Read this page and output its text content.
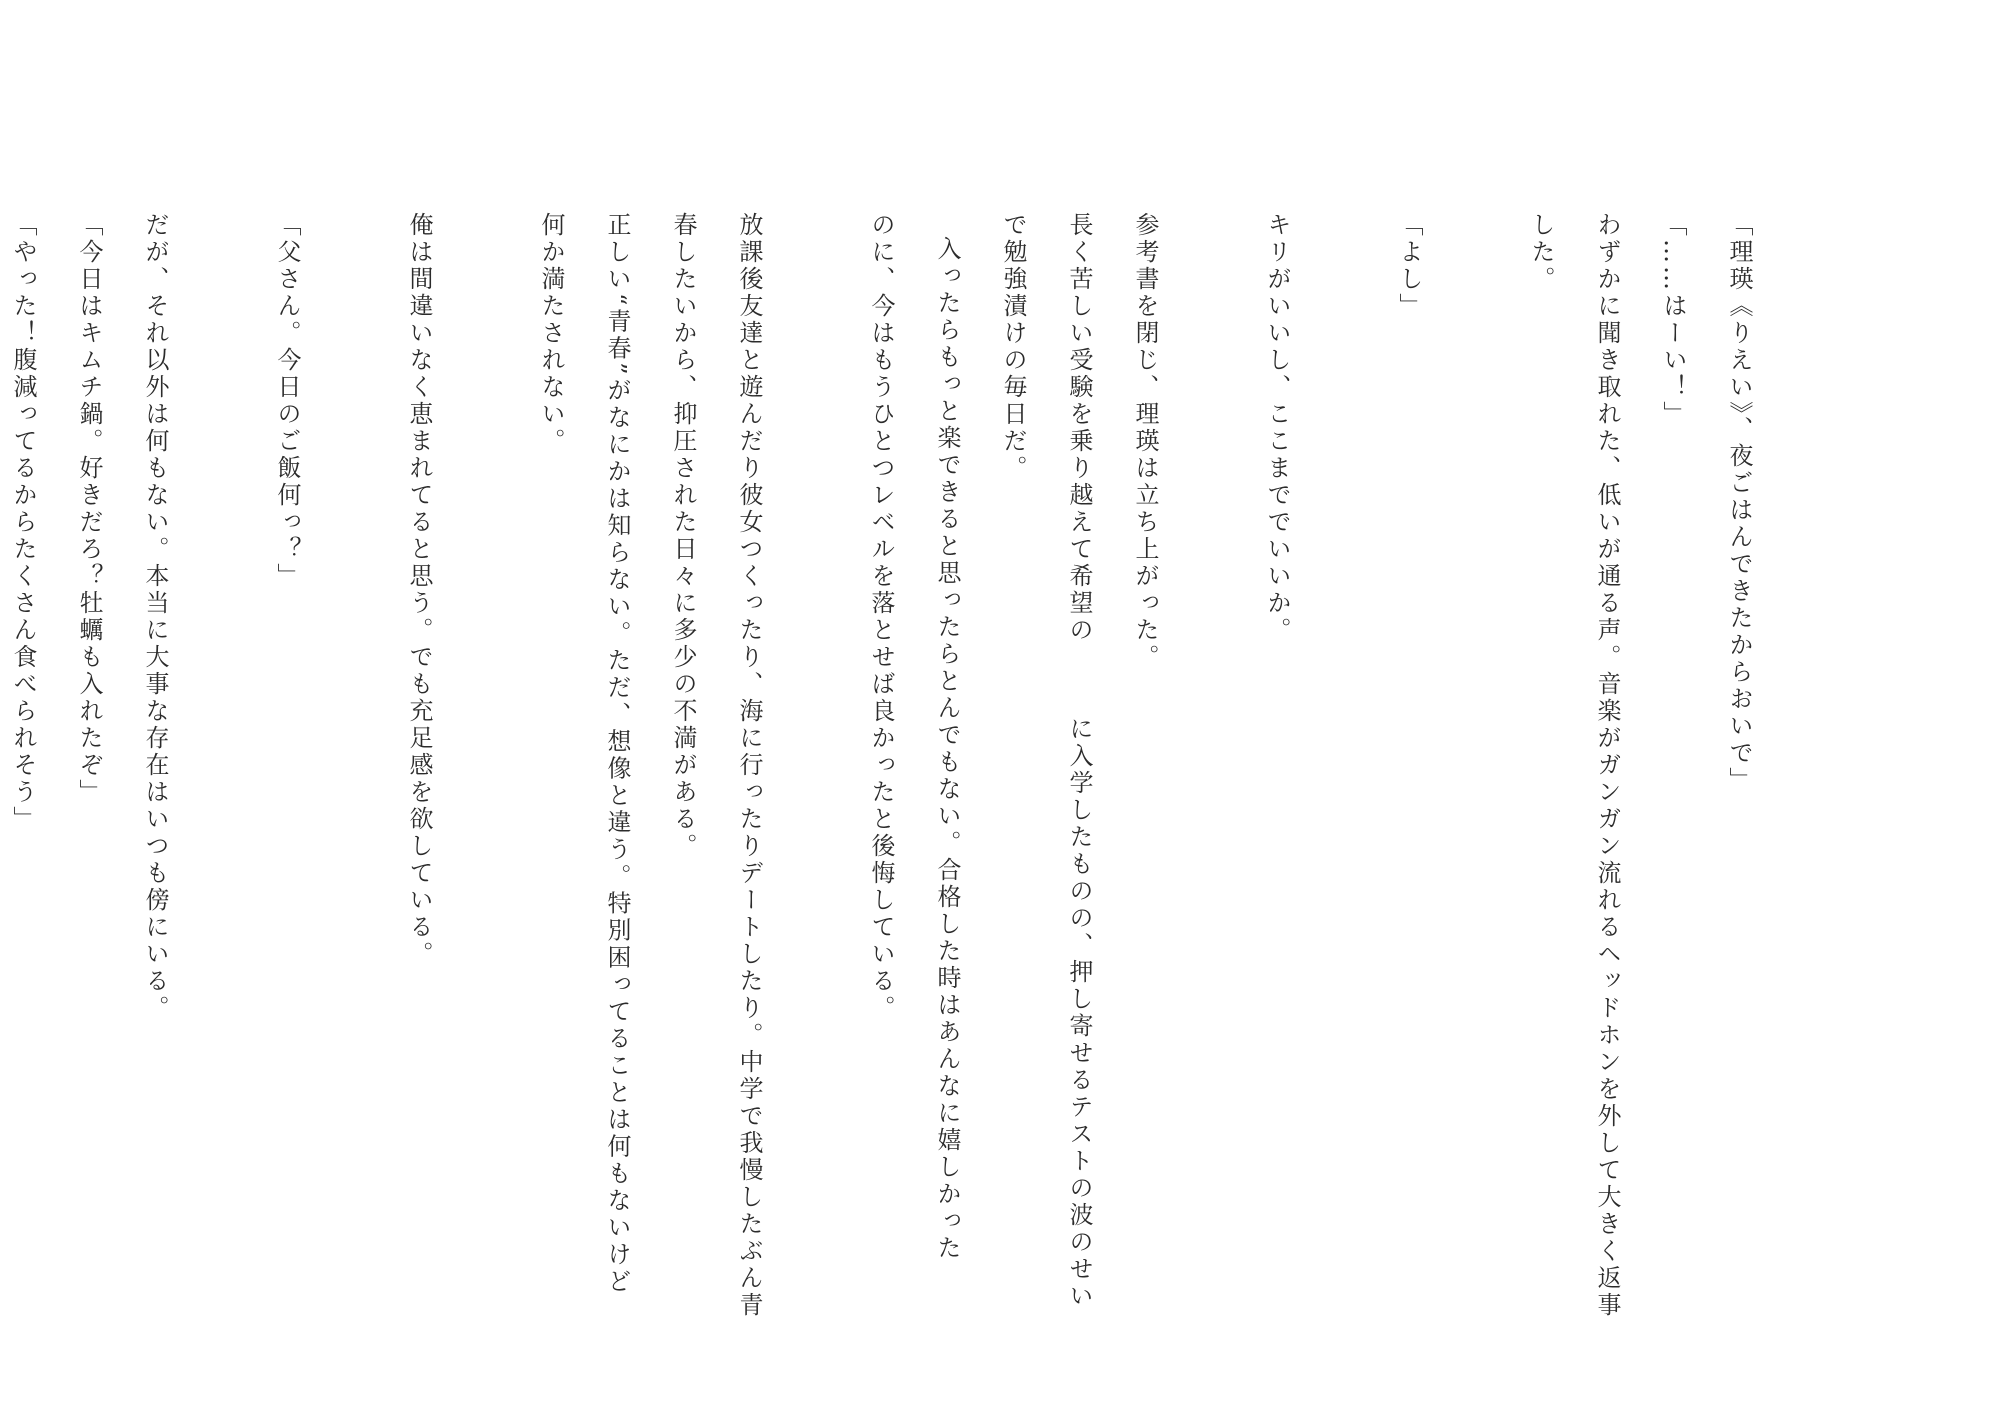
「理瑛《りえい》、夜ごはんできたからおいで」
「……はーい！」
わずかに聞き取れた、低いが通る声。音楽がガンガン流れるヘッドホンを外して大きく返事
した。
「よし」
キリがいいし、ここまででいいか。
参考書を閉じ、理瑛は立ち上がった。
長く苦しい受験を乗り越えて希望のに入学したものの、押し寄せるテストの波のせい
で勉強漬けの毎日だ。
入ったらもっと楽できると思ったらとんでもない。合格した時はあんなに嬉しかった
のに、今はもうひとつレベルを落とせば良かったと後悔している。
放課後友達と遊んだり彼女つくったり、海に行ったりデートしたり。中学で我慢したぶん青
春したいから、抑圧された日々に多少の不満がある。
正しい“青春”がなにかは知らない。ただ、想像と違う。特別困ってることは何もないけど
何か満たされない。
俺は間違いなく恵まれてると思う。でも充足感を欲している。
「父さん。今日のご飯何っ？」
だが、それ以外は何もない。本当に大事な存在はいつも傍にいる。
「今日はキムチ鍋。好きだろ？牡蠣も入れたぞ」
「やった！腹減ってるからたくさん食べられそう」
